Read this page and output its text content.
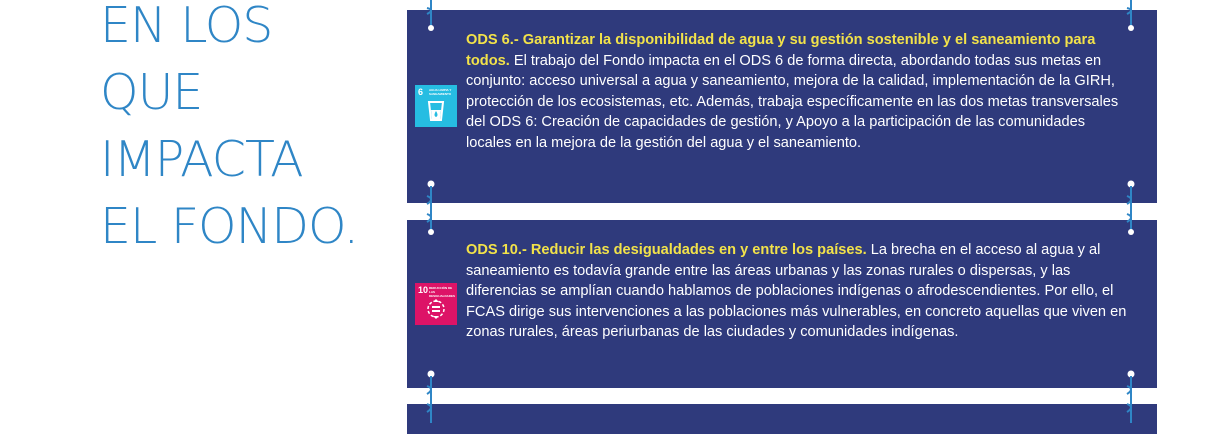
EN LOS
QUE
IMPACTA
EL FONDO.
6 AGUA LIMPIA Y SANEAMIENTO
ODS 6.- Garantizar la disponibilidad de agua y su gestión sostenible y el saneamiento para todos. El trabajo del Fondo impacta en el ODS 6 de forma directa, abordando todas sus metas en conjunto: acceso universal a agua y saneamiento, mejora de la calidad, implementación de la GIRH, protección de los ecosistemas, etc. Además, trabaja específicamente en las dos metas transversales del ODS 6: Creación de capacidades de gestión, y Apoyo a la participación de las comunidades locales en la mejora de la gestión del agua y el saneamiento.
10 REDUCCIÓN DE LAS DESIGUALDADES
ODS 10.- Reducir las desigualdades en y entre los países. La brecha en el acceso al agua y al saneamiento es todavía grande entre las áreas urbanas y las zonas rurales o dispersas, y las diferencias se amplían cuando hablamos de poblaciones indígenas o afrodescendientes. Por ello, el FCAS dirige sus intervenciones a las poblaciones más vulnerables, en concreto aquellas que viven en zonas rurales, áreas periurbanas de las ciudades y comunidades indígenas.
